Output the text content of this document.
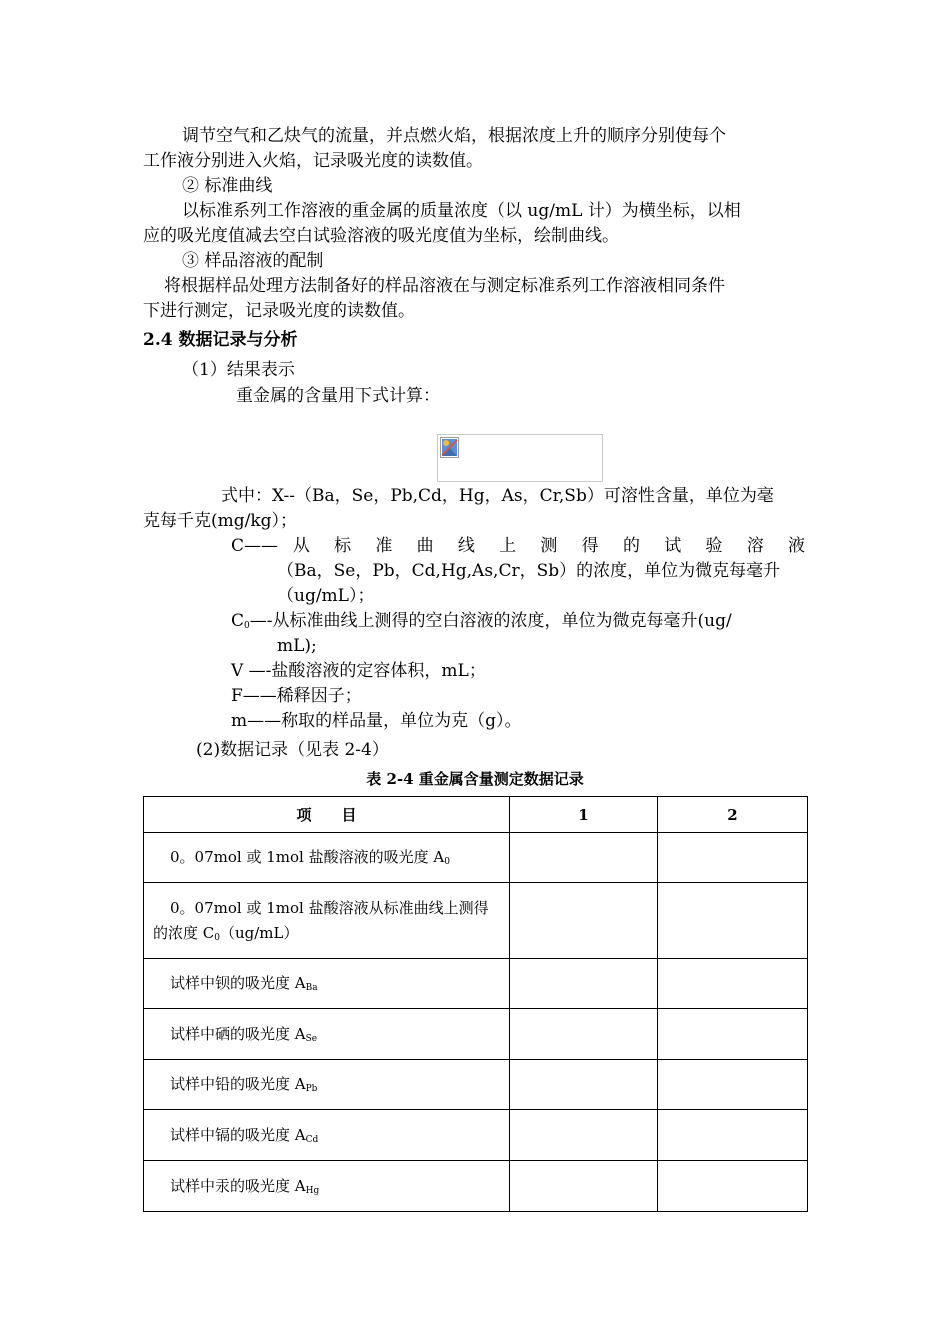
调节空气和乙炔气的流量，并点燃火焰，根据浓度上升的顺序分别使每个
工作液分别进入火焰，记录吸光度的读数值。
② 标准曲线
以标准系列工作溶液的重金属的质量浓度（以 ug/mL 计）为横坐标，以相
应的吸光度值减去空白试验溶液的吸光度值为坐标，绘制曲线。
③ 样品溶液的配制
将根据样品处理方法制备好的样品溶液在与测定标准系列工作溶液相同条件
下进行测定，记录吸光度的读数值。
2.4 数据记录与分析
（1）结果表示
重金属的含量用下式计算：
式中：X--（Ba，Se，Pb,Cd，Hg，As，Cr,Sb）可溶性含量，单位为毫
克每千克(mg/kg）；
C—— 从 标 准 曲 线 上 测 得 的 试 验 溶 液
（Ba，Se，Pb，Cd,Hg,As,Cr，Sb）的浓度，单位为微克每毫升
（ug/mL）；
$C_0—-$从标准曲线上测得的空白溶液的浓度，单位为微克每毫升(ug/
mL);
V —-盐酸溶液的定容体积，mL；
F——稀释因子；
m——称取的样品量，单位为克（g）。
(2)数据记录（见表 2-4）
表 2-4 重金属含量测定数据记录
项　　目	1	2
0。07mol 或 1mol 盐酸溶液的吸光度 $A_0$		
0。07mol 或 1mol 盐酸溶液从标准曲线上测得的浓度 $C_0(ug/mL)$		
试样中钡的吸光度 $A_{Ba}$		
试样中硒的吸光度 $A_{Se}$		
试样中铅的吸光度 $A_{Pb}$		
试样中镉的吸光度 $A_{Cd}$		
试样中汞的吸光度 $A_{Hg}$		
